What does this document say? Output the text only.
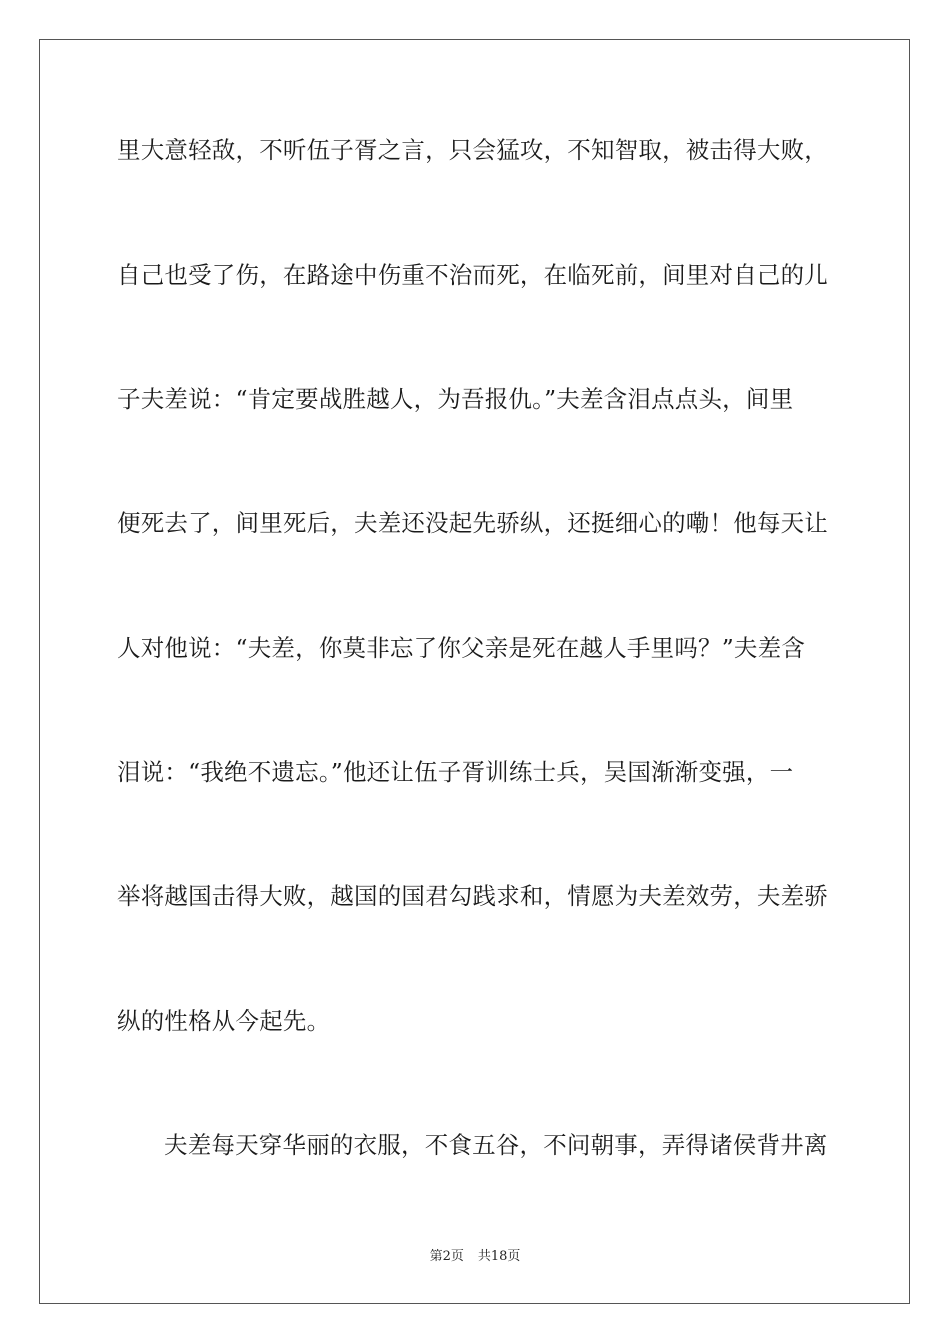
里大意轻敌，不听伍子胥之言，只会猛攻，不知智取，被击得大败，
自己也受了伤，在路途中伤重不治而死，在临死前，间里对自己的儿
子夫差说：“肯定要战胜越人，为吾报仇。”夫差含泪点点头，间里
便死去了，间里死后，夫差还没起先骄纵，还挺细心的嘞！他每天让
人对他说：“夫差，你莫非忘了你父亲是死在越人手里吗？”夫差含
泪说：“我绝不遗忘。”他还让伍子胥训练士兵，吴国渐渐变强，一
举将越国击得大败，越国的国君勾践求和，情愿为夫差效劳，夫差骄
纵的性格从今起先。
夫差每天穿华丽的衣服，不食五谷，不问朝事，弄得诸侯背井离
第2页 共18页
